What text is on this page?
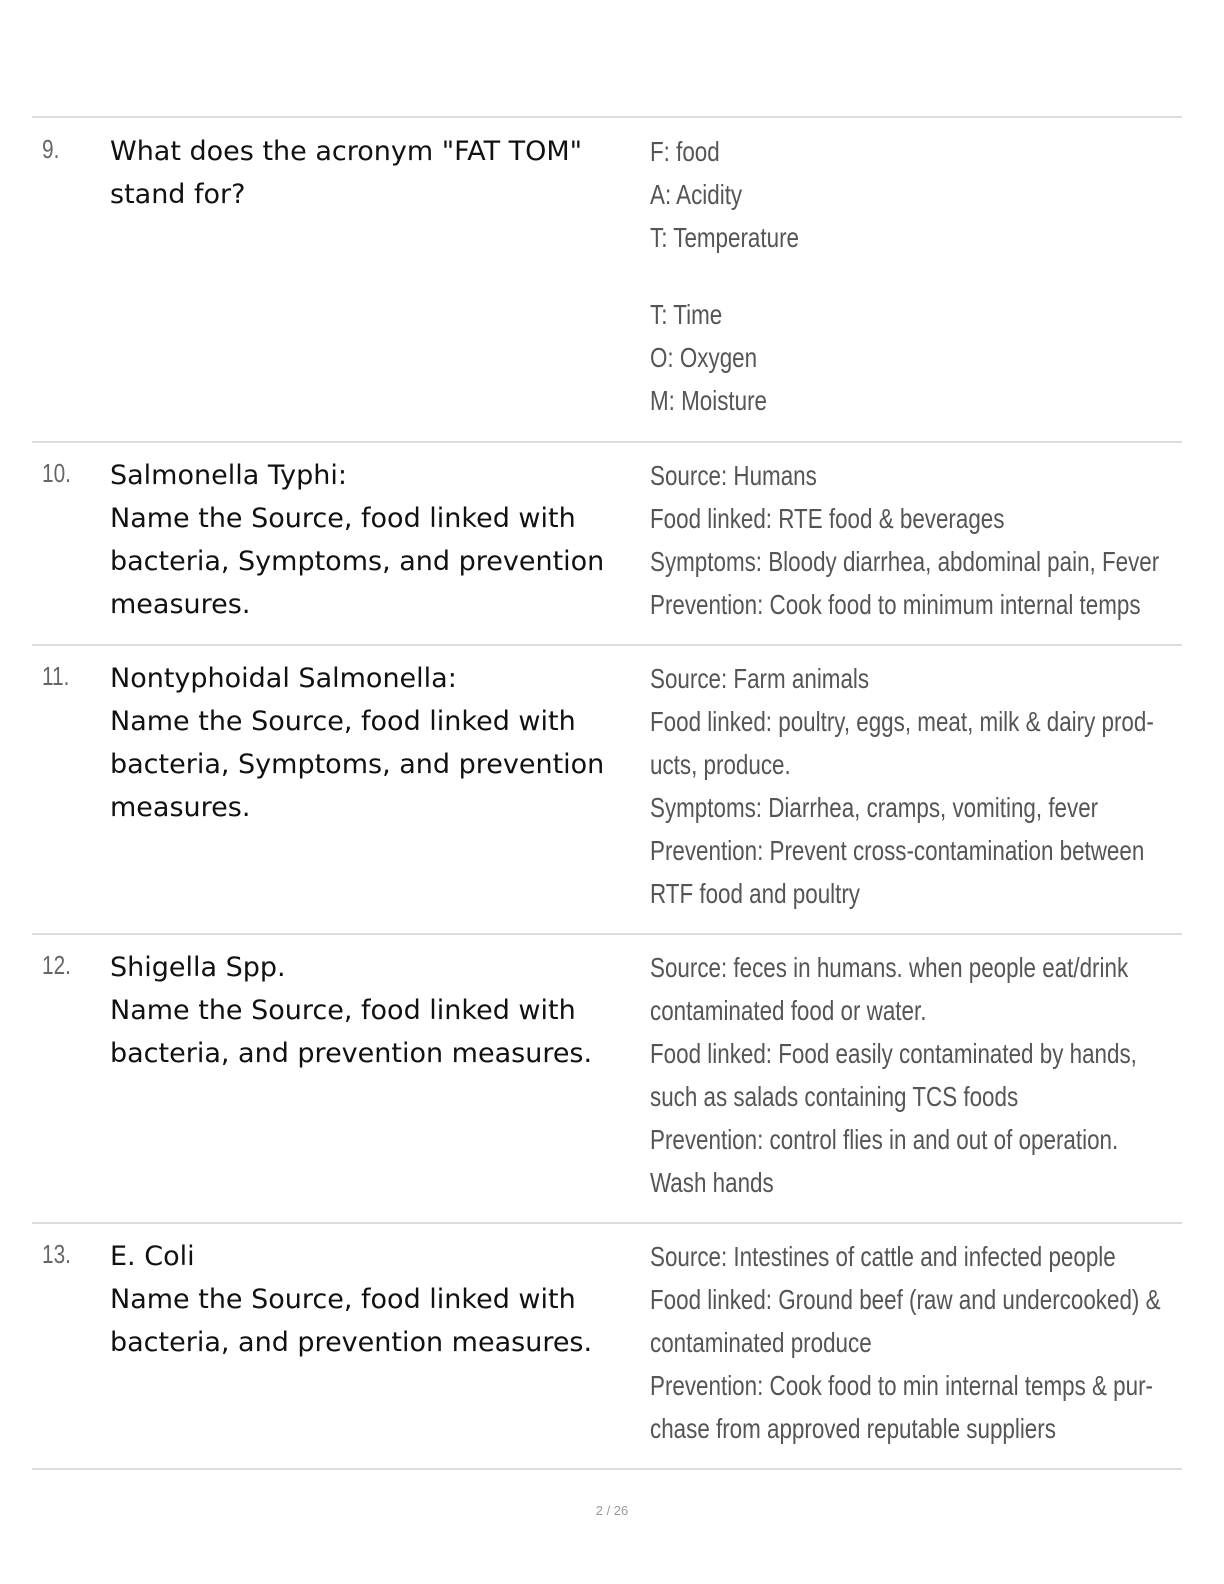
9. What does the acronym "FAT TOM"
stand for?
F: food
A: Acidity
T: Temperature
T: Time
O: Oxygen
M: Moisture
10. Salmonella Typhi:
Name the Source, food linked with
bacteria, Symptoms, and prevention
measures.
Source: Humans
Food linked: RTE food & beverages
Symptoms: Bloody diarrhea, abdominal pain, Fever
Prevention: Cook food to minimum internal temps
11. Nontyphoidal Salmonella:
Name the Source, food linked with
bacteria, Symptoms, and prevention
measures.
Source: Farm animals
Food linked: poultry, eggs, meat, milk & dairy prod-
ucts, produce.
Symptoms: Diarrhea, cramps, vomiting, fever
Prevention: Prevent cross-contamination between
RTF food and poultry
12. Shigella Spp.
Name the Source, food linked with
bacteria, and prevention measures.
Source: feces in humans. when people eat/drink
contaminated food or water.
Food linked: Food easily contaminated by hands,
such as salads containing TCS foods
Prevention: control flies in and out of operation.
Wash hands
13. E. Coli
Name the Source, food linked with
bacteria, and prevention measures.
Source: Intestines of cattle and infected people
Food linked: Ground beef (raw and undercooked) &
contaminated produce
Prevention: Cook food to min internal temps & pur-
chase from approved reputable suppliers
2 / 26
